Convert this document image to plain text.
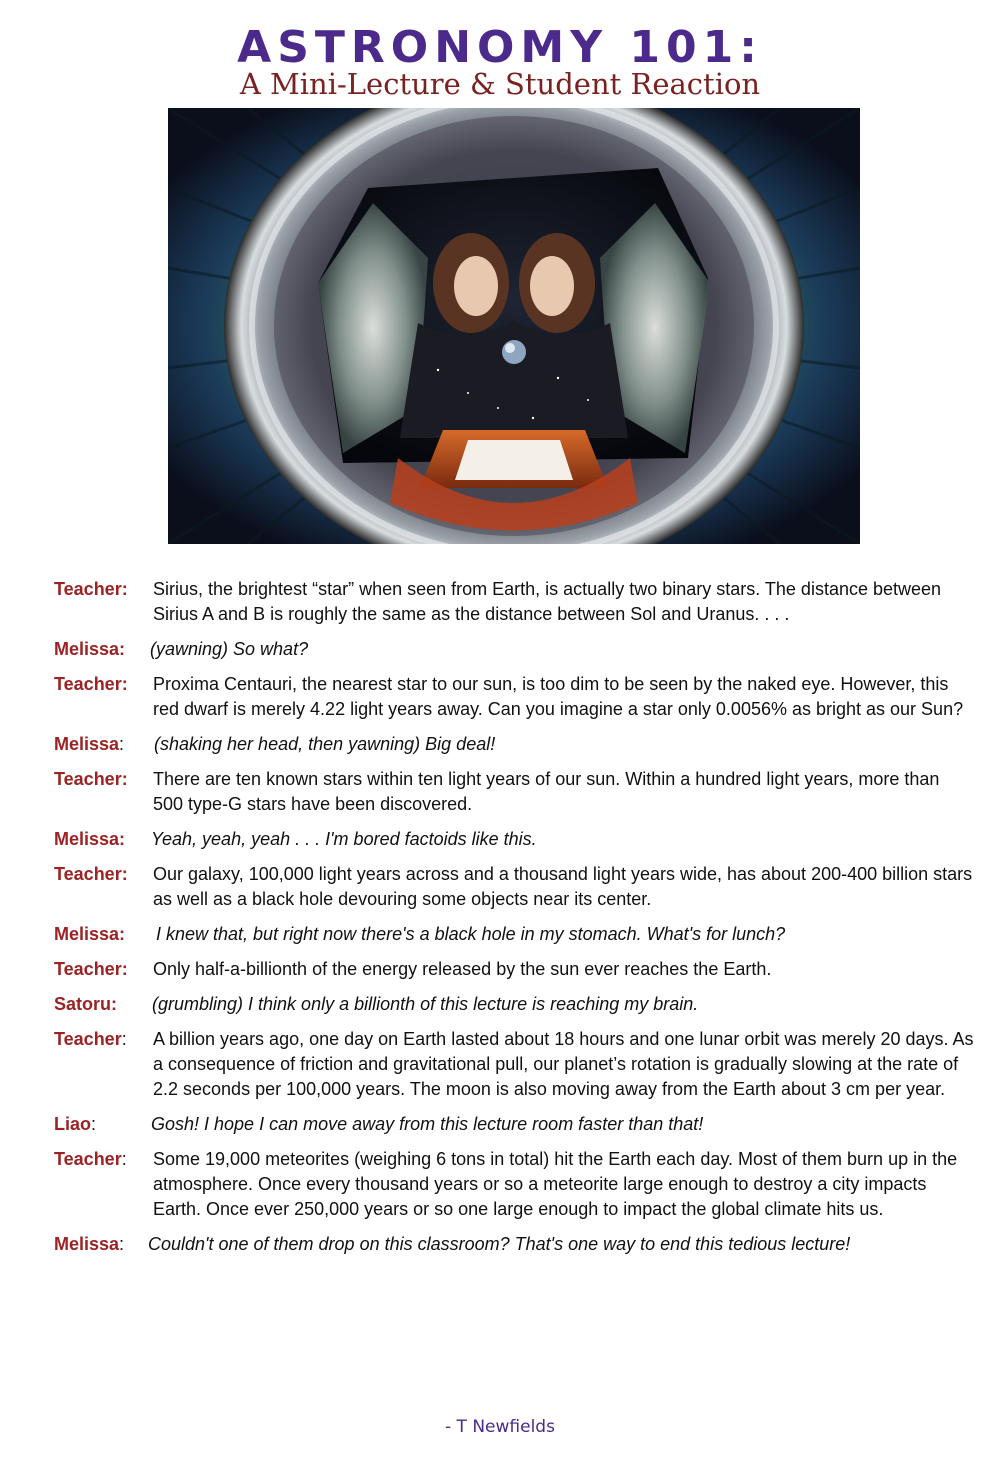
ASTRONOMY 101:
A Mini-Lecture & Student Reaction
Teacher:	Sirius, the brightest “star” when seen from Earth, is actually two binary stars. The distance between Sirius A and B is roughly the same as the distance between Sol and Uranus. . . .
Melissa:	(yawning) So what?
Teacher:	Proxima Centauri, the nearest star to our sun, is too dim to be seen by the naked eye. However, this red dwarf is merely 4.22 light years away. Can you imagine a star only 0.0056% as bright as our Sun?
Melissa:	(shaking her head, then yawning) Big deal!
Teacher:	There are ten known stars within ten light years of our sun. Within a hundred light years, more than 500 type-G stars have been discovered.
Melissa:	Yeah, yeah, yeah . . . I'm bored factoids like this.
Teacher:	Our galaxy, 100,000 light years across and a thousand light years wide, has about 200-400 billion stars as well as a black hole devouring some objects near its center.
Melissa:	I knew that, but right now there's a black hole in my stomach. What's for lunch?
Teacher:	Only half-a-billionth of the energy released by the sun ever reaches the Earth.
Satoru:	(grumbling) I think only a billionth of this lecture is reaching my brain.
Teacher:	A billion years ago, one day on Earth lasted about 18 hours and one lunar orbit was merely 20 days. As a consequence of friction and gravitational pull, our planet’s rotation is gradually slowing at the rate of 2.2 seconds per 100,000 years. The moon is also moving away from the Earth about 3 cm per year.
Liao:	Gosh! I hope I can move away from this lecture room faster than that!
Teacher:	Some 19,000 meteorites (weighing 6 tons in total) hit the Earth each day. Most of them burn up in the atmosphere. Once every thousand years or so a meteorite large enough to destroy a city impacts Earth. Once ever 250,000 years or so one large enough to impact the global climate hits us.
Melissa:	Couldn't one of them drop on this classroom? That's one way to end this tedious lecture!
- T Newfields
